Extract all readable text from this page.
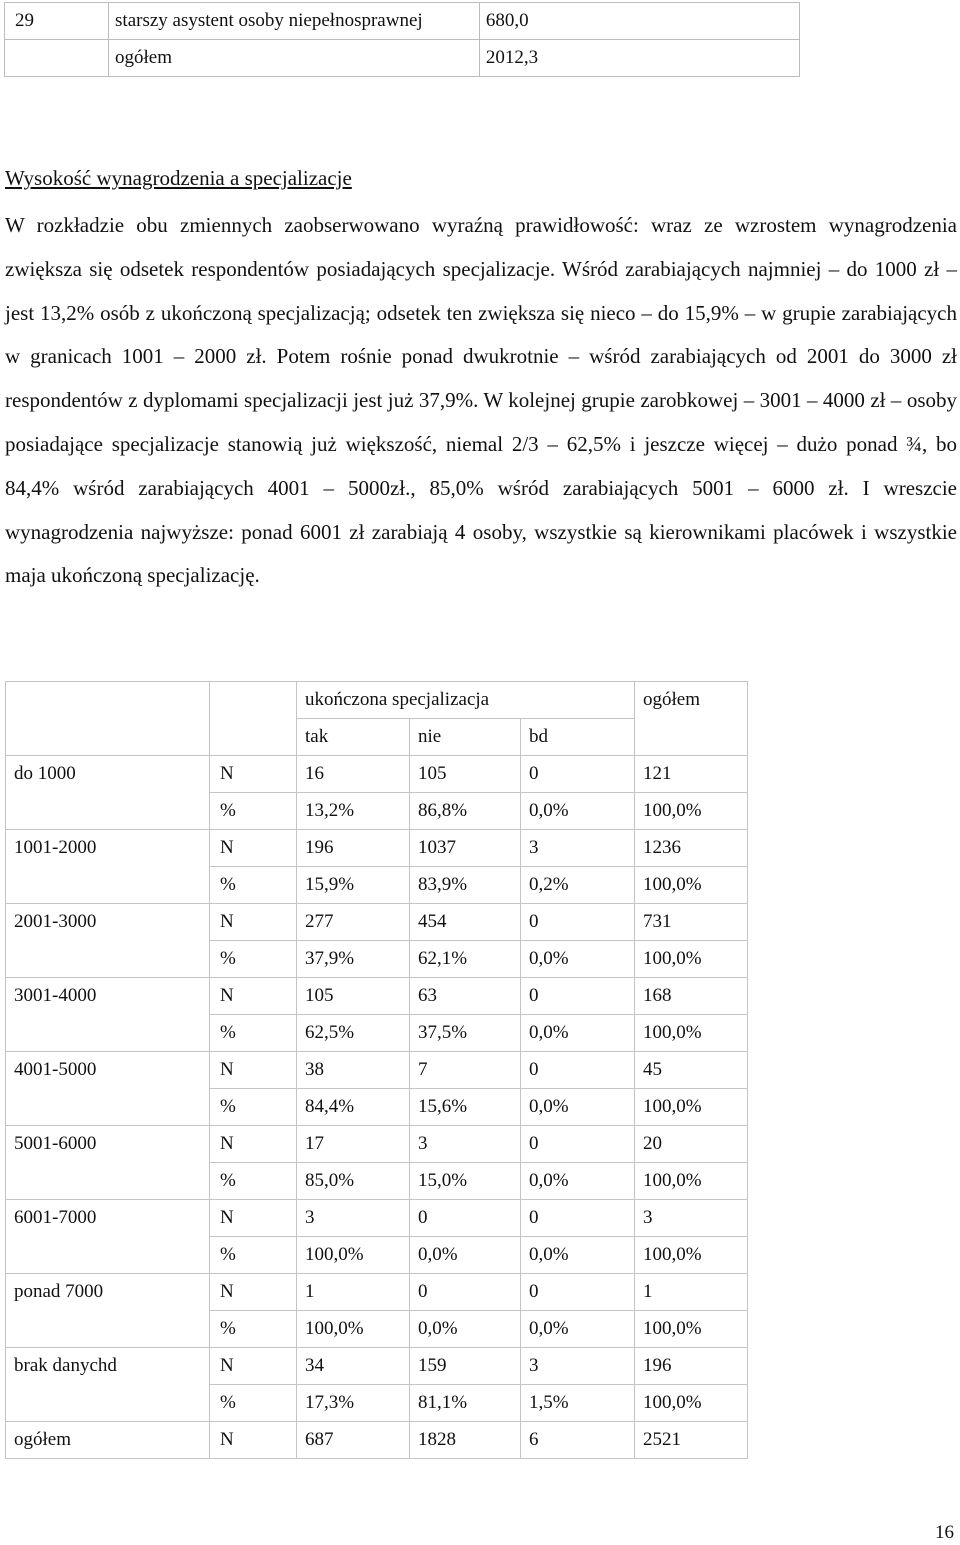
29	starszy asystent osoby niepełnosprawnej	680,0
	ogółem	2012,3
Wysokość wynagrodzenia a specjalizacje

W rozkładzie obu zmiennych zaobserwowano wyraźną prawidłowość: wraz ze wzrostem wynagrodzenia zwiększa się odsetek respondentów posiadających specjalizacje. Wśród zarabiających najmniej – do 1000 zł – jest 13,2% osób z ukończoną specjalizacją; odsetek ten zwiększa się nieco – do 15,9% – w grupie zarabiających w granicach 1001 – 2000 zł. Potem rośnie ponad dwukrotnie – wśród zarabiających od 2001 do 3000 zł respondentów z dyplomami specjalizacji jest już 37,9%. W kolejnej grupie zarobkowej – 3001 – 4000 zł – osoby posiadające specjalizacje stanowią już większość, niemal 2/3 – 62,5% i jeszcze więcej – dużo ponad ¾, bo 84,4% wśród zarabiających 4001 – 5000zł., 85,0% wśród zarabiających 5001 – 6000 zł. I wreszcie wynagrodzenia najwyższe: ponad 6001 zł zarabiają 4 osoby, wszystkie są kierownikami placówek i wszystkie maja ukończoną specjalizację.

		ukończona specjalizacja			ogółem
		tak	nie	bd	
do 1000	N	16	105	0	121
	%	13,2%	86,8%	0,0%	100,0%
1001-2000	N	196	1037	3	1236
	%	15,9%	83,9%	0,2%	100,0%
2001-3000	N	277	454	0	731
	%	37,9%	62,1%	0,0%	100,0%
3001-4000	N	105	63	0	168
	%	62,5%	37,5%	0,0%	100,0%
4001-5000	N	38	7	0	45
	%	84,4%	15,6%	0,0%	100,0%
5001-6000	N	17	3	0	20
	%	85,0%	15,0%	0,0%	100,0%
6001-7000	N	3	0	0	3
	%	100,0%	0,0%	0,0%	100,0%
ponad 7000	N	1	0	0	1
	%	100,0%	0,0%	0,0%	100,0%
brak danychd	N	34	159	3	196
	%	17,3%	81,1%	1,5%	100,0%
ogółem	N	687	1828	6	2521
16
